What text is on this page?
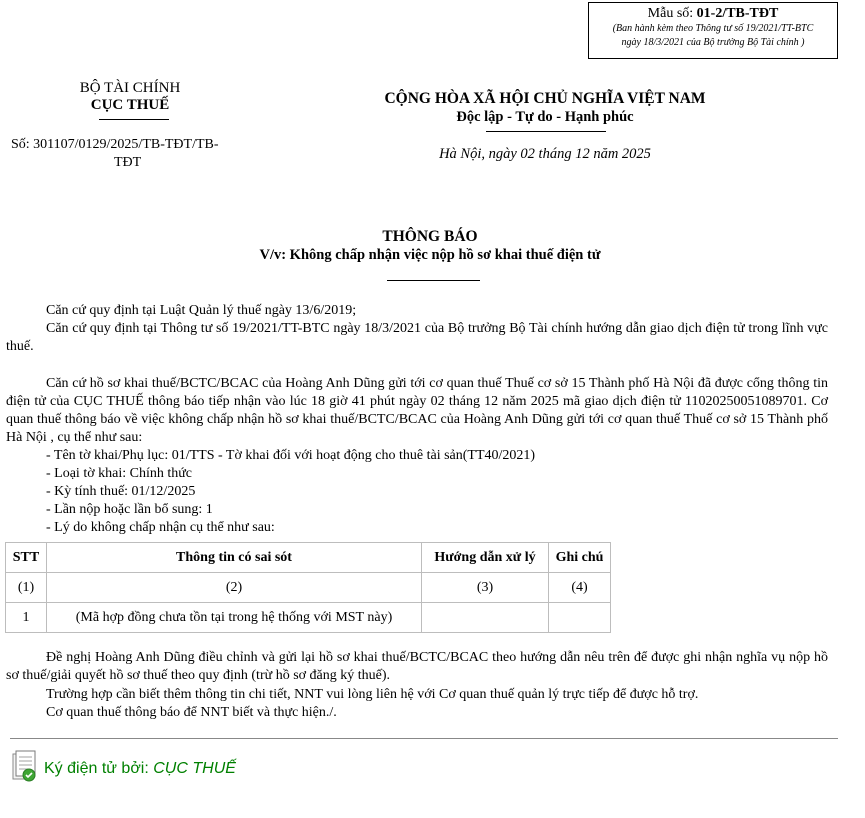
Mẫu số: 01-2/TB-TĐT
(Ban hành kèm theo Thông tư số 19/2021/TT-BTC
ngày 18/3/2021 của Bộ trưởng Bộ Tài chính )
BỘ TÀI CHÍNH
CỤC THUẾ
Số: 301107/0129/2025/TB-TĐT/TB-
TĐT
CỘNG HÒA XÃ HỘI CHỦ NGHĨA VIỆT NAM
Độc lập - Tự do - Hạnh phúc
Hà Nội, ngày 02 tháng 12 năm 2025
THÔNG BÁO
V/v: Không chấp nhận việc nộp hồ sơ khai thuế điện tử
Căn cứ quy định tại Luật Quản lý thuế ngày 13/6/2019;
Căn cứ quy định tại Thông tư số 19/2021/TT-BTC ngày 18/3/2021 của Bộ trưởng Bộ Tài chính hướng dẫn giao dịch điện tử trong lĩnh vực thuế.
Căn cứ hồ sơ khai thuế/BCTC/BCAC của Hoàng Anh Dũng gửi tới cơ quan thuế Thuế cơ sở 15 Thành phố Hà Nội đã được cổng thông tin điện tử của CỤC THUẾ thông báo tiếp nhận vào lúc 18 giờ 41 phút ngày 02 tháng 12 năm 2025 mã giao dịch điện tử 11020250051089701. Cơ quan thuế thông báo về việc không chấp nhận hồ sơ khai thuế/BCTC/BCAC của Hoàng Anh Dũng gửi tới cơ quan thuế Thuế cơ sở 15 Thành phố Hà Nội , cụ thể như sau:
- Tên tờ khai/Phụ lục: 01/TTS - Tờ khai đối với hoạt động cho thuê tài sản(TT40/2021)
- Loại tờ khai: Chính thức
- Kỳ tính thuế: 01/12/2025
- Lần nộp hoặc lần bổ sung: 1
- Lý do không chấp nhận cụ thể như sau:
STT	Thông tin có sai sót	Hướng dẫn xử lý	Ghi chú
(1)	(2)	(3)	(4)
1	(Mã hợp đồng chưa tồn tại trong hệ thống với MST này)		
Đề nghị Hoàng Anh Dũng điều chỉnh và gửi lại hồ sơ khai thuế/BCTC/BCAC theo hướng dẫn nêu trên để được ghi nhận nghĩa vụ nộp hồ sơ thuế/giải quyết hồ sơ thuế theo quy định (trừ hồ sơ đăng ký thuế).
Trường hợp cần biết thêm thông tin chi tiết, NNT vui lòng liên hệ với Cơ quan thuế quản lý trực tiếp để được hỗ trợ.
Cơ quan thuế thông báo để NNT biết và thực hiện./.
Ký điện tử bởi: CỤC THUẾ
